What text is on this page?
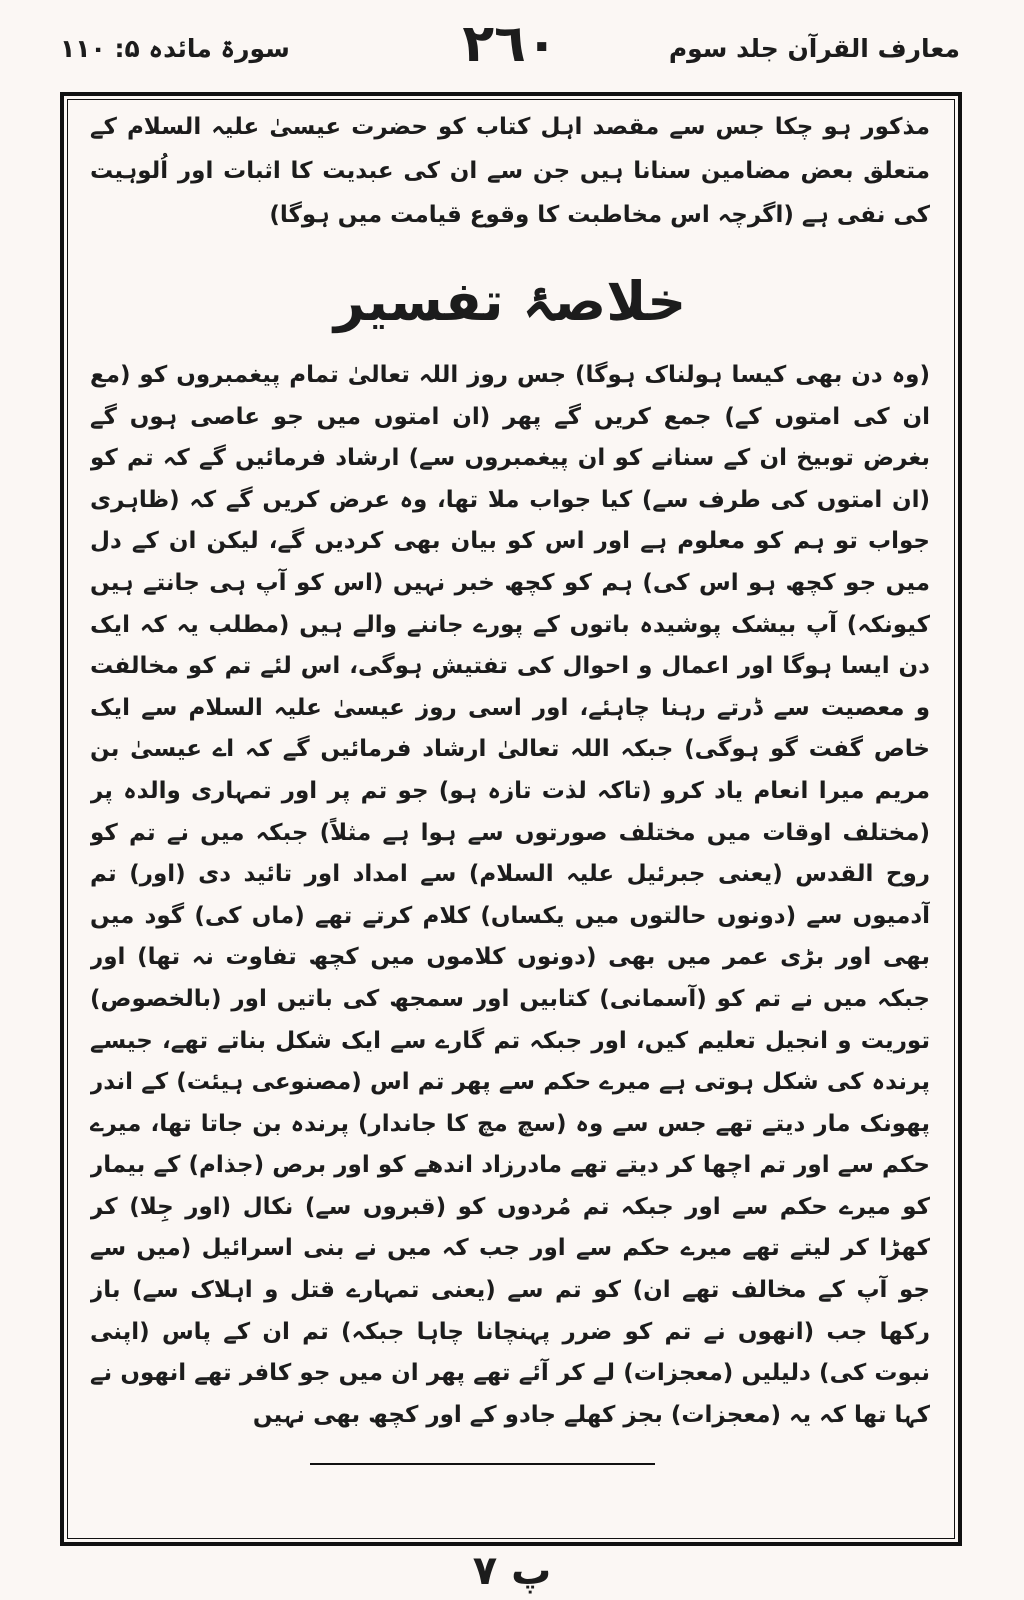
معارف القرآن جلد سوم
٢٦٠
سورۃ مائدہ ۵: ۱۱۰

مذکور ہو چکا جس سے مقصد اہل کتاب کو حضرت عیسیٰ علیہ السلام کے متعلق بعض مضامین سنانا ہیں جن سے ان کی عبدیت کا اثبات اور اُلوہیت کی نفی ہے (اگرچہ اس مخاطبت کا وقوع قیامت میں ہوگا)

خلاصۂ تفسیر

(وہ دن بھی کیسا ہولناک ہوگا) جس روز اللہ تعالیٰ تمام پیغمبروں کو (مع ان کی امتوں کے) جمع کریں گے پھر (ان امتوں میں جو عاصی ہوں گے بغرض توبیخ ان کے سنانے کو ان پیغمبروں سے) ارشاد فرمائیں گے کہ تم کو (ان امتوں کی طرف سے) کیا جواب ملا تھا، وہ عرض کریں گے کہ (ظاہری جواب تو ہم کو معلوم ہے اور اس کو بیان بھی کردیں گے، لیکن ان کے دل میں جو کچھ ہو اس کی) ہم کو کچھ خبر نہیں (اس کو آپ ہی جانتے ہیں کیونکہ) آپ بیشک پوشیدہ باتوں کے پورے جاننے والے ہیں (مطلب یہ کہ ایک دن ایسا ہوگا اور اعمال و احوال کی تفتیش ہوگی، اس لئے تم کو مخالفت و معصیت سے ڈرتے رہنا چاہئے، اور اسی روز عیسیٰ علیہ السلام سے ایک خاص گفت گو ہوگی) جبکہ اللہ تعالیٰ ارشاد فرمائیں گے کہ اے عیسیٰ بن مریم میرا انعام یاد کرو (تاکہ لذت تازہ ہو) جو تم پر اور تمہاری والدہ پر (مختلف اوقات میں مختلف صورتوں سے ہوا ہے مثلاً) جبکہ میں نے تم کو روح القدس (یعنی جبرئیل علیہ السلام) سے امداد اور تائید دی (اور) تم آدمیوں سے (دونوں حالتوں میں یکساں) کلام کرتے تھے (ماں کی) گود میں بھی اور بڑی عمر میں بھی (دونوں کلاموں میں کچھ تفاوت نہ تھا) اور جبکہ میں نے تم کو (آسمانی) کتابیں اور سمجھ کی باتیں اور (بالخصوص) توریت و انجیل تعلیم کیں، اور جبکہ تم گارے سے ایک شکل بناتے تھے، جیسے پرندہ کی شکل ہوتی ہے میرے حکم سے پھر تم اس (مصنوعی ہیئت) کے اندر پھونک مار دیتے تھے جس سے وہ (سچ مچ کا جاندار) پرندہ بن جاتا تھا، میرے حکم سے اور تم اچھا کر دیتے تھے مادرزاد اندھے کو اور برص (جذام) کے بیمار کو میرے حکم سے اور جبکہ تم مُردوں کو (قبروں سے) نکال (اور جِلا) کر کھڑا کر لیتے تھے میرے حکم سے اور جب کہ میں نے بنی اسرائیل (میں سے جو آپ کے مخالف تھے ان) کو تم سے (یعنی تمہارے قتل و اہلاک سے) باز رکھا جب (انھوں نے تم کو ضرر پہنچانا چاہا جبکہ) تم ان کے پاس (اپنی نبوت کی) دلیلیں (معجزات) لے کر آئے تھے پھر ان میں جو کافر تھے انھوں نے کہا تھا کہ یہ (معجزات) بجز کھلے جادو کے اور کچھ بھی نہیں

پ ۷
